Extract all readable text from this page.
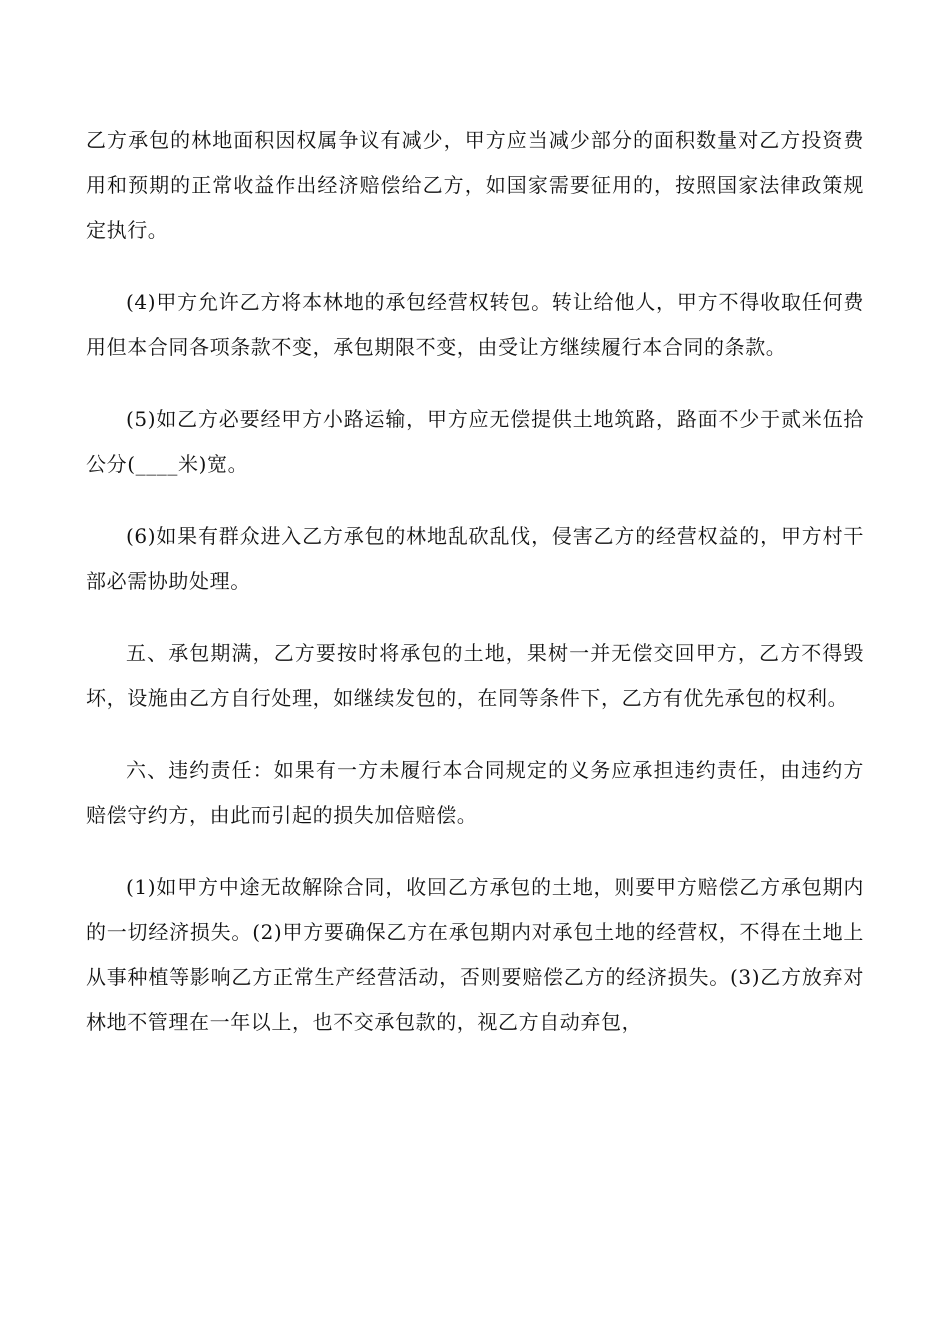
乙方承包的林地面积因权属争议有减少，甲方应当减少部分的面积数量对乙方投资费用和预期的正常收益作出经济赔偿给乙方，如国家需要征用的，按照国家法律政策规定执行。

(4)甲方允许乙方将本林地的承包经营权转包。转让给他人，甲方不得收取任何费用但本合同各项条款不变，承包期限不变，由受让方继续履行本合同的条款。

(5)如乙方必要经甲方小路运输，甲方应无偿提供土地筑路，路面不少于贰米伍拾公分(____米)宽。

(6)如果有群众进入乙方承包的林地乱砍乱伐，侵害乙方的经营权益的，甲方村干部必需协助处理。

五、承包期满，乙方要按时将承包的土地，果树一并无偿交回甲方，乙方不得毁坏，设施由乙方自行处理，如继续发包的，在同等条件下，乙方有优先承包的权利。

六、违约责任：如果有一方未履行本合同规定的义务应承担违约责任，由违约方赔偿守约方，由此而引起的损失加倍赔偿。

(1)如甲方中途无故解除合同，收回乙方承包的土地，则要甲方赔偿乙方承包期内的一切经济损失。(2)甲方要确保乙方在承包期内对承包土地的经营权，不得在土地上从事种植等影响乙方正常生产经营活动，否则要赔偿乙方的经济损失。(3)乙方放弃对林地不管理在一年以上，也不交承包款的，视乙方自动弃包，
